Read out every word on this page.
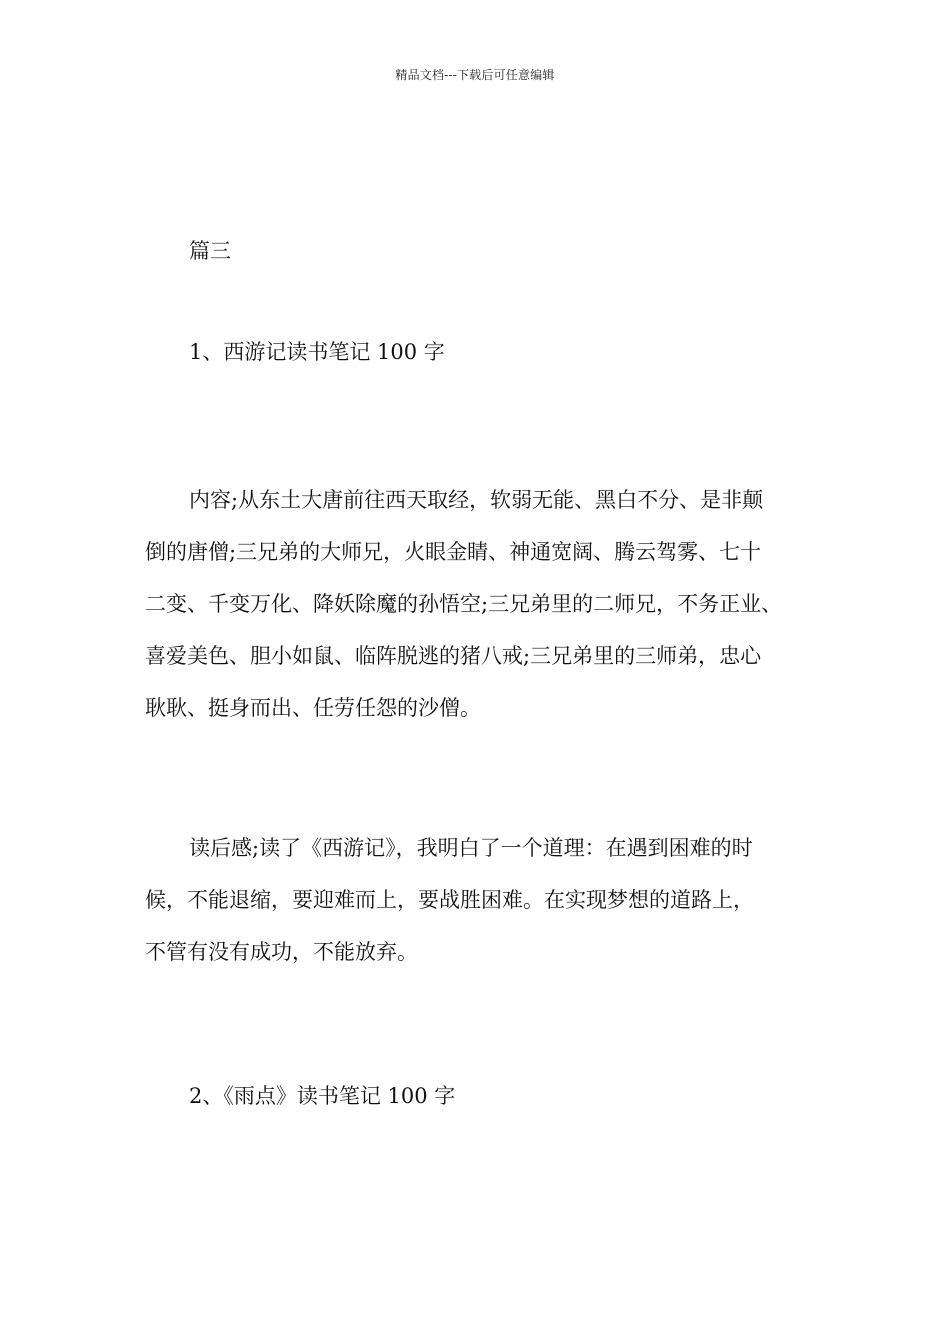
精品文档---下载后可任意编辑
篇三
1、西游记读书笔记 100 字

内容;从东土大唐前往西天取经，软弱无能、黑白不分、是非颠
倒的唐僧;三兄弟的大师兄，火眼金睛、神通宽阔、腾云驾雾、七十
二变、千变万化、降妖除魔的孙悟空;三兄弟里的二师兄，不务正业、
喜爱美色、胆小如鼠、临阵脱逃的猪八戒;三兄弟里的三师弟，忠心
耿耿、挺身而出、任劳任怨的沙僧。

读后感;读了《西游记》，我明白了一个道理：在遇到困难的时
候，不能退缩，要迎难而上，要战胜困难。在实现梦想的道路上，
不管有没有成功，不能放弃。

2、《雨点》读书笔记 100 字
